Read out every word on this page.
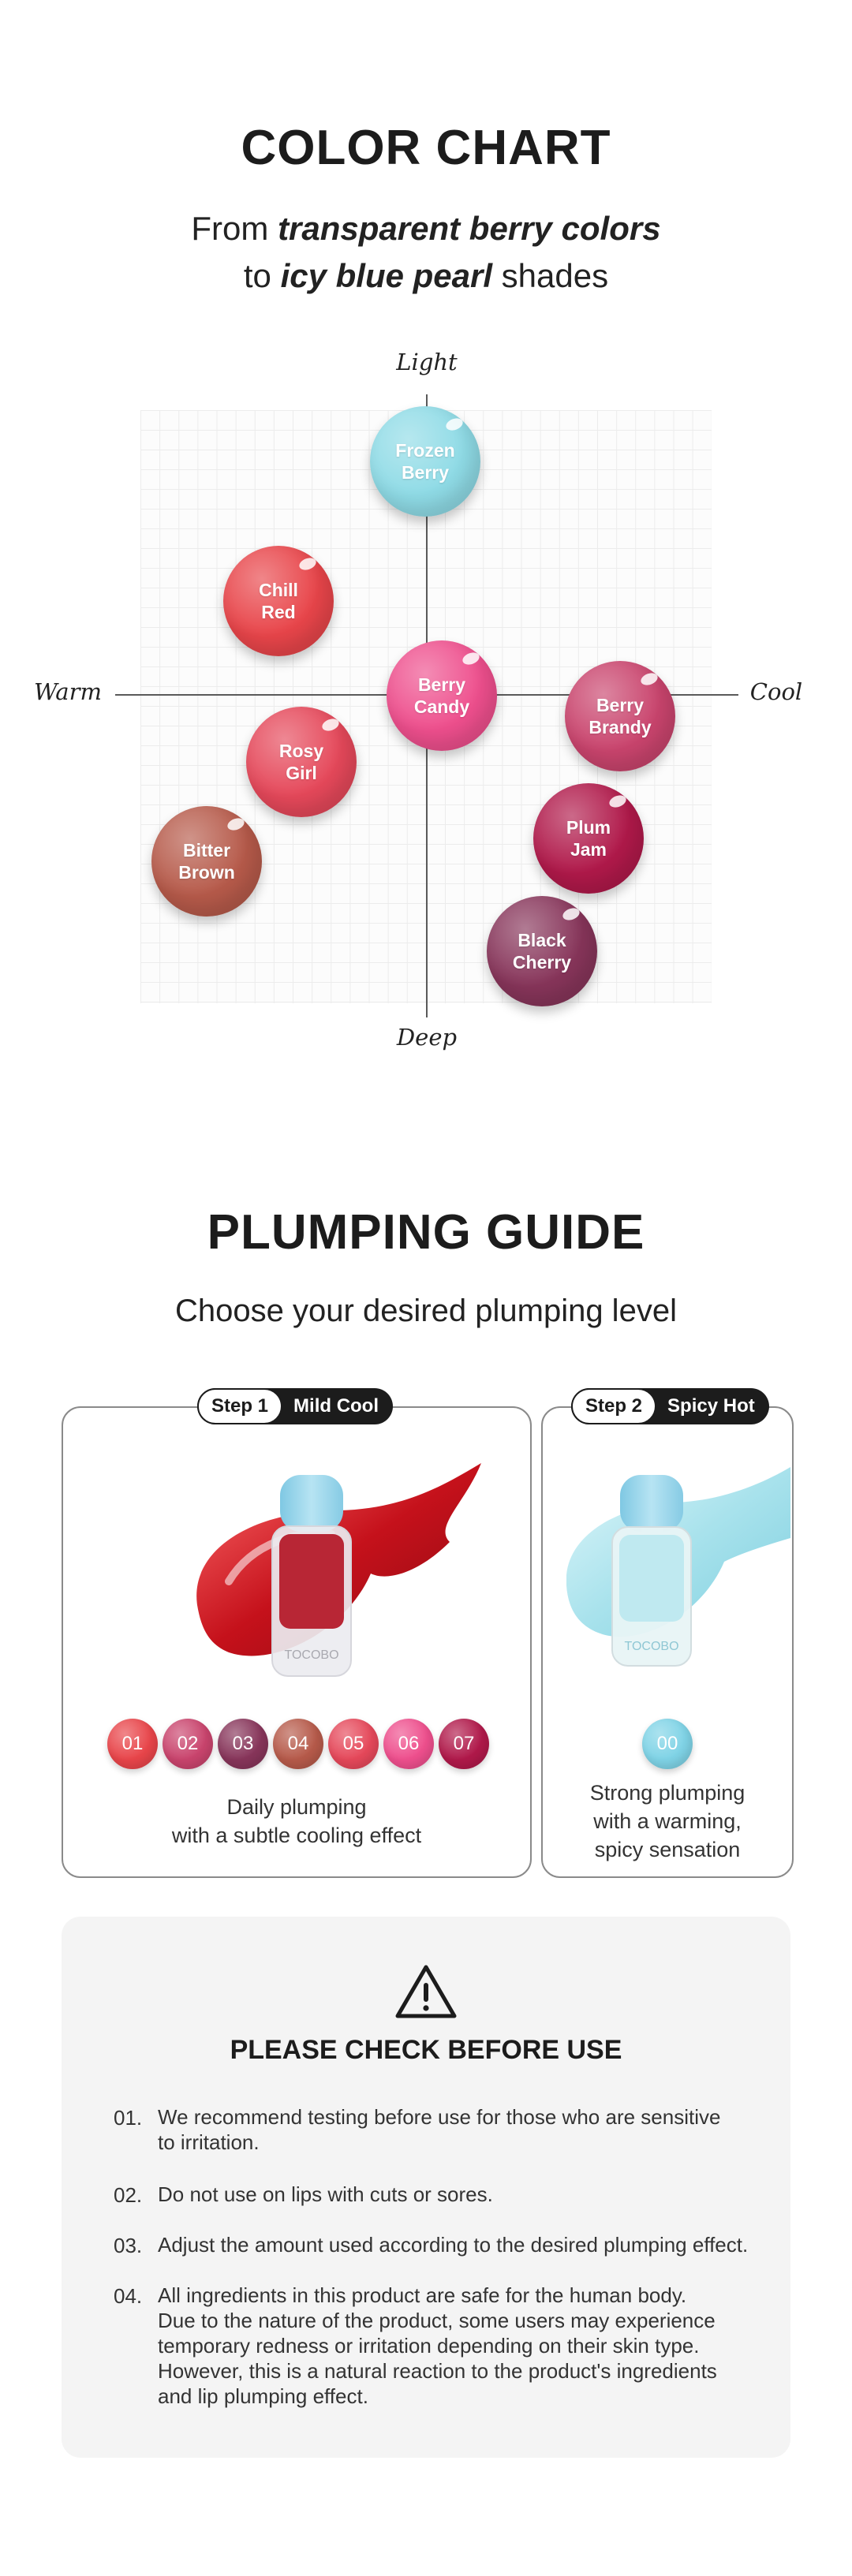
COLOR CHART
From transparent berry colors
to icy blue pearl shades
Light
Deep
Warm	Cool
Frozen
Berry
Chill
Red
Berry
Candy	Berry
Brandy
Rosy
Girl
Plum
Jam
Bitter
Brown
Black
Cherry
PLUMPING GUIDE
Choose your desired plumping level
TOCOBO
01 02 03 04 05 06 07
Daily plumping
with a subtle cooling effect
Step 1	Mild Cool
TOCOBO
00
Strong plumping
with a warming,
spicy sensation
Step 2	Spicy Hot
PLEASE CHECK BEFORE USE
01. We recommend testing before use for those who are sensitive
to irritation.
02. Do not use on lips with cuts or sores.
03. Adjust the amount used according to the desired plumping effect.
04. All ingredients in this product are safe for the human body.
Due to the nature of the product, some users may experience
temporary redness or irritation depending on their skin type.
However, this is a natural reaction to the product's ingredients
and lip plumping effect.
